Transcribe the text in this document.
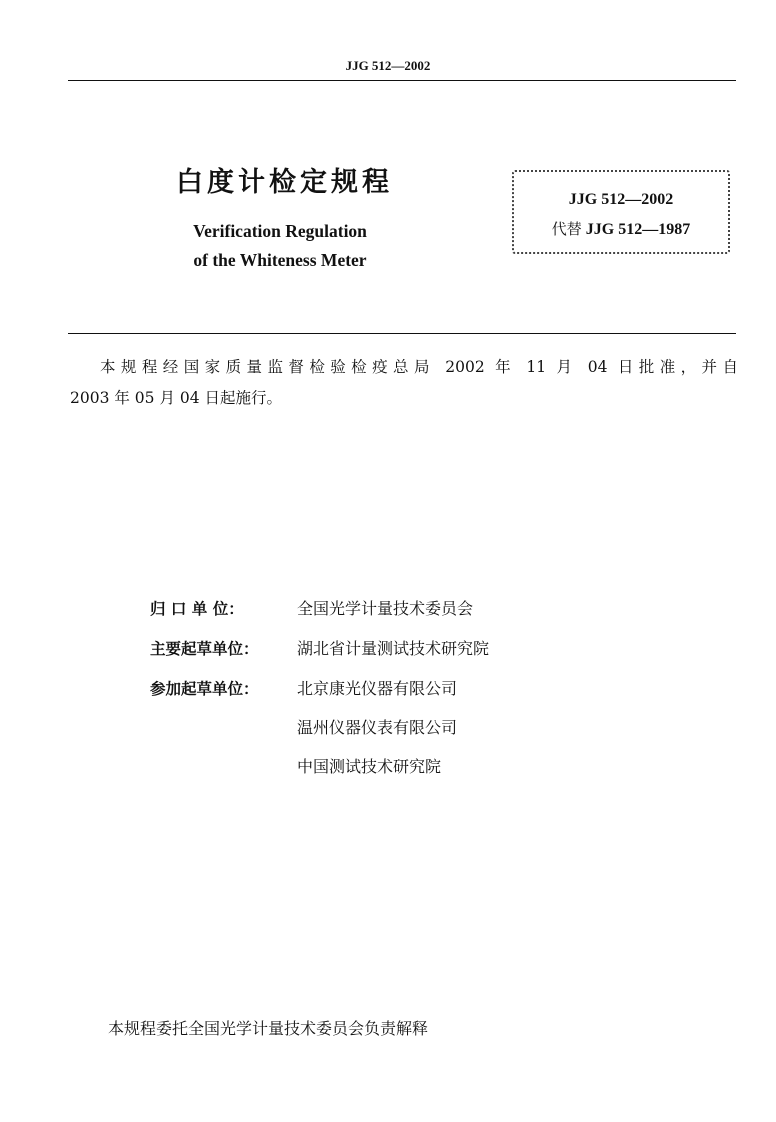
JJG 512—2002
白度计检定规程
Verification Regulation
of the Whiteness Meter
JJG 512—2002
代替 JJG 512—1987
本规程经国家质量监督检验检疫总局 2002 年 11 月 04 日批准，并自
2003 年 05 月 04 日起施行。
归 口 单 位：	全国光学计量技术委员会
主要起草单位：	湖北省计量测试技术研究院
参加起草单位：	北京康光仪器有限公司
温州仪器仪表有限公司
中国测试技术研究院
本规程委托全国光学计量技术委员会负责解释
